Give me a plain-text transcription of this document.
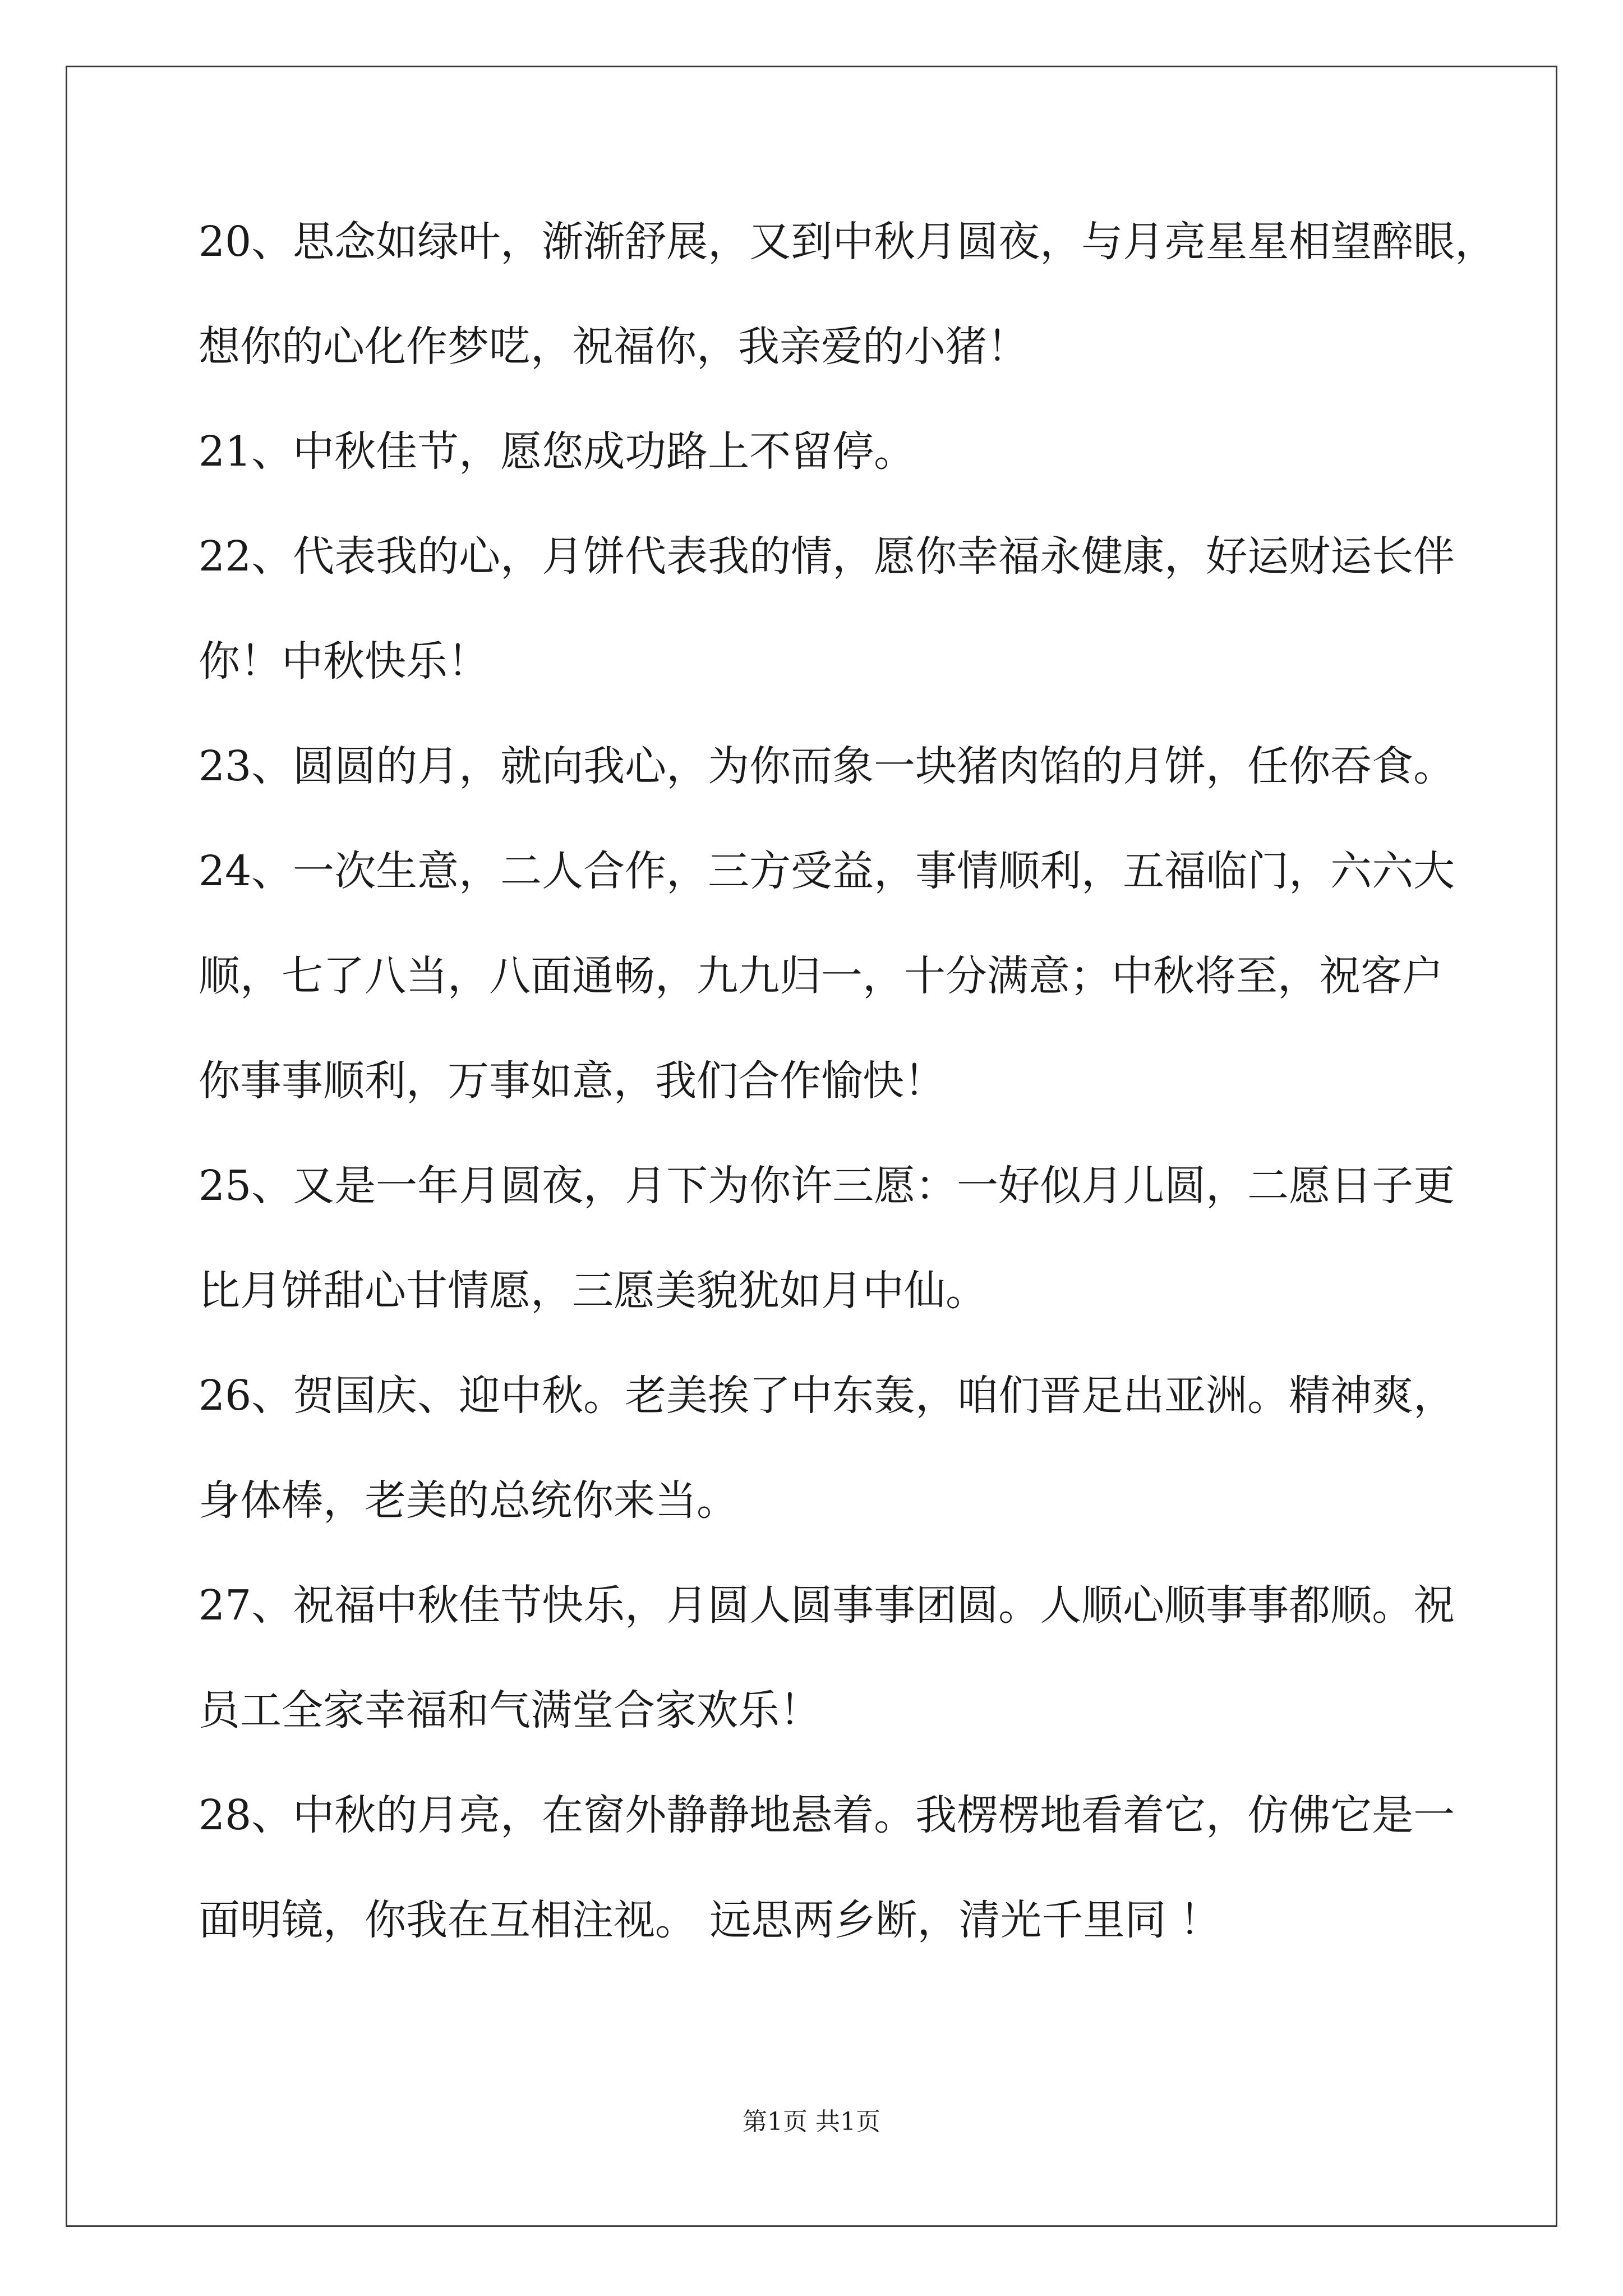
20、思念如绿叶，渐渐舒展，又到中秋月圆夜，与月亮星星相望醉眼，

想你的心化作梦呓，祝福你，我亲爱的小猪！

21、中秋佳节，愿您成功路上不留停。

22、代表我的心，月饼代表我的情，愿你幸福永健康，好运财运长伴

你！中秋快乐！

23、圆圆的月，就向我心，为你而象一块猪肉馅的月饼，任你吞食。

24、一次生意，二人合作，三方受益，事情顺利，五福临门，六六大

顺，七了八当，八面通畅，九九归一，十分满意；中秋将至，祝客户

你事事顺利，万事如意，我们合作愉快！

25、又是一年月圆夜，月下为你许三愿：一好似月儿圆，二愿日子更

比月饼甜心甘情愿，三愿美貌犹如月中仙。

26、贺国庆、迎中秋。老美挨了中东轰，咱们晋足出亚洲。精神爽，

身体棒，老美的总统你来当。

27、祝福中秋佳节快乐，月圆人圆事事团圆。人顺心顺事事都顺。祝

员工全家幸福和气满堂合家欢乐！

28、中秋的月亮，在窗外静静地悬着。我楞楞地看着它，仿佛它是一

面明镜，你我在互相注视。 远思两乡断，清光千里同 ！

第1页 共1页
